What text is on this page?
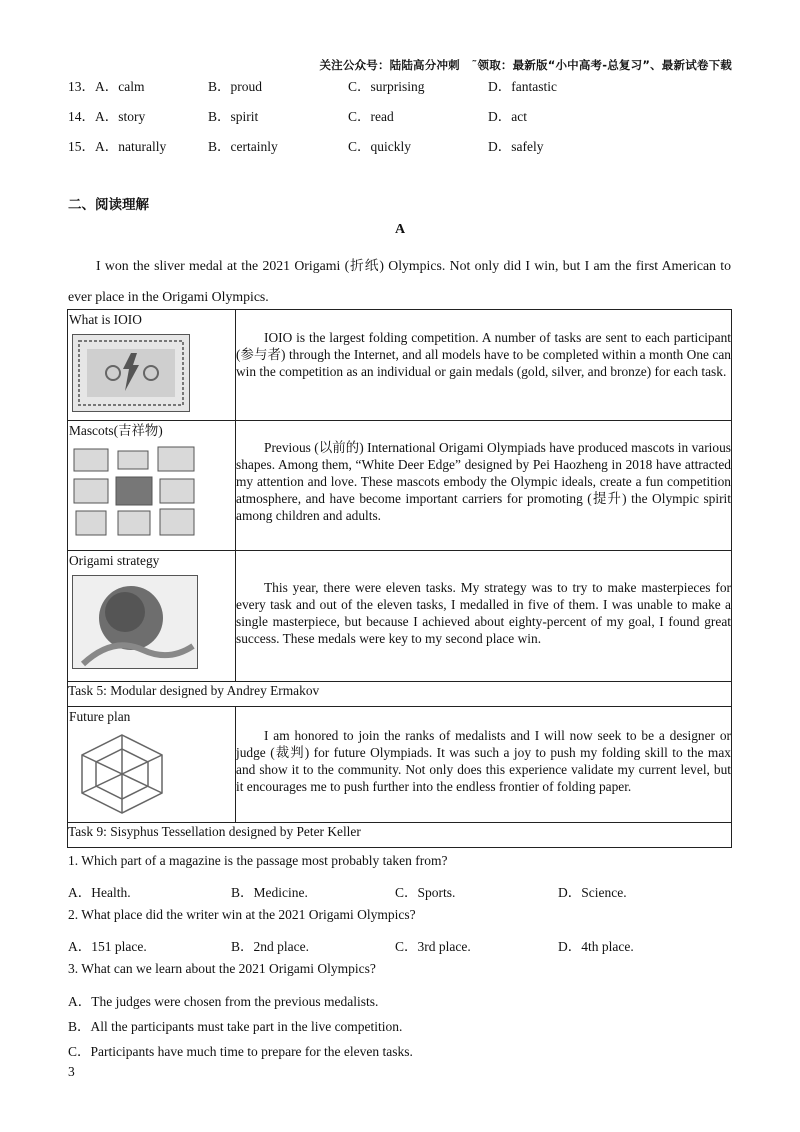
关注公众号：陆陆高分冲刺　˜领取：最新版“小中高考-总复习”、最新试卷下载
13．A．calm	B．proud	C．surprising	D．fantastic
14．A．story	B．spirit	C．read	D．act
15．A．naturally	B．certainly	C．quickly	D．safely
二、阅读理解
A
I won the sliver medal at the 2021 Origami (折纸) Olympics. Not only did I win, but I am the first American to ever place in the Origami Olympics.
What is IOIO	IOIO is the largest folding competition. A number of tasks are sent to each participant (参与者) through the Internet, and all models have to be completed within a month One can win the competition as an individual or gain medals (gold, silver, and bronze) for each task.

Mascots(吉祥物)	Previous (以前的) International Origami Olympiads have produced mascots in various shapes. Among them, “White Deer Edge” designed by Pei Haozheng in 2018 have attracted my attention and love. These mascots embody the Olympic ideals, create a fun competition atmosphere, and have become important carriers for promoting (提升) the Olympic spirit among children and adults.

Origami strategy	This year, there were eleven tasks. My strategy was to try to make masterpieces for every task and out of the eleven tasks, I medalled in five of them. I was unable to make a single masterpiece, but because I achieved about eighty-percent of my goal, I found great success. These medals were key to my second place win.

Task 5: Modular designed by Andrey Ermakov	

Future plan	I am honored to join the ranks of medalists and I will now seek to be a designer or judge (裁判) for future Olympiads. It was such a joy to push my folding skill to the max and show it to the community. Not only does this experience validate my current level, but it encourages me to push further into the endless frontier of folding paper.

Task 9: Sisyphus Tessellation designed by Peter Keller	
1. Which part of a magazine is the passage most probably taken from?
A．Health.	B．Medicine.	C．Sports.	D．Science.
2. What place did the writer win at the 2021 Origami Olympics?
A．151 place.	B．2nd place.	C．3rd place.	D．4th place.
3. What can we learn about the 2021 Origami Olympics?
A．The judges were chosen from the previous medalists.
B．All the participants must take part in the live competition.
C．Participants have much time to prepare for the eleven tasks.
3
